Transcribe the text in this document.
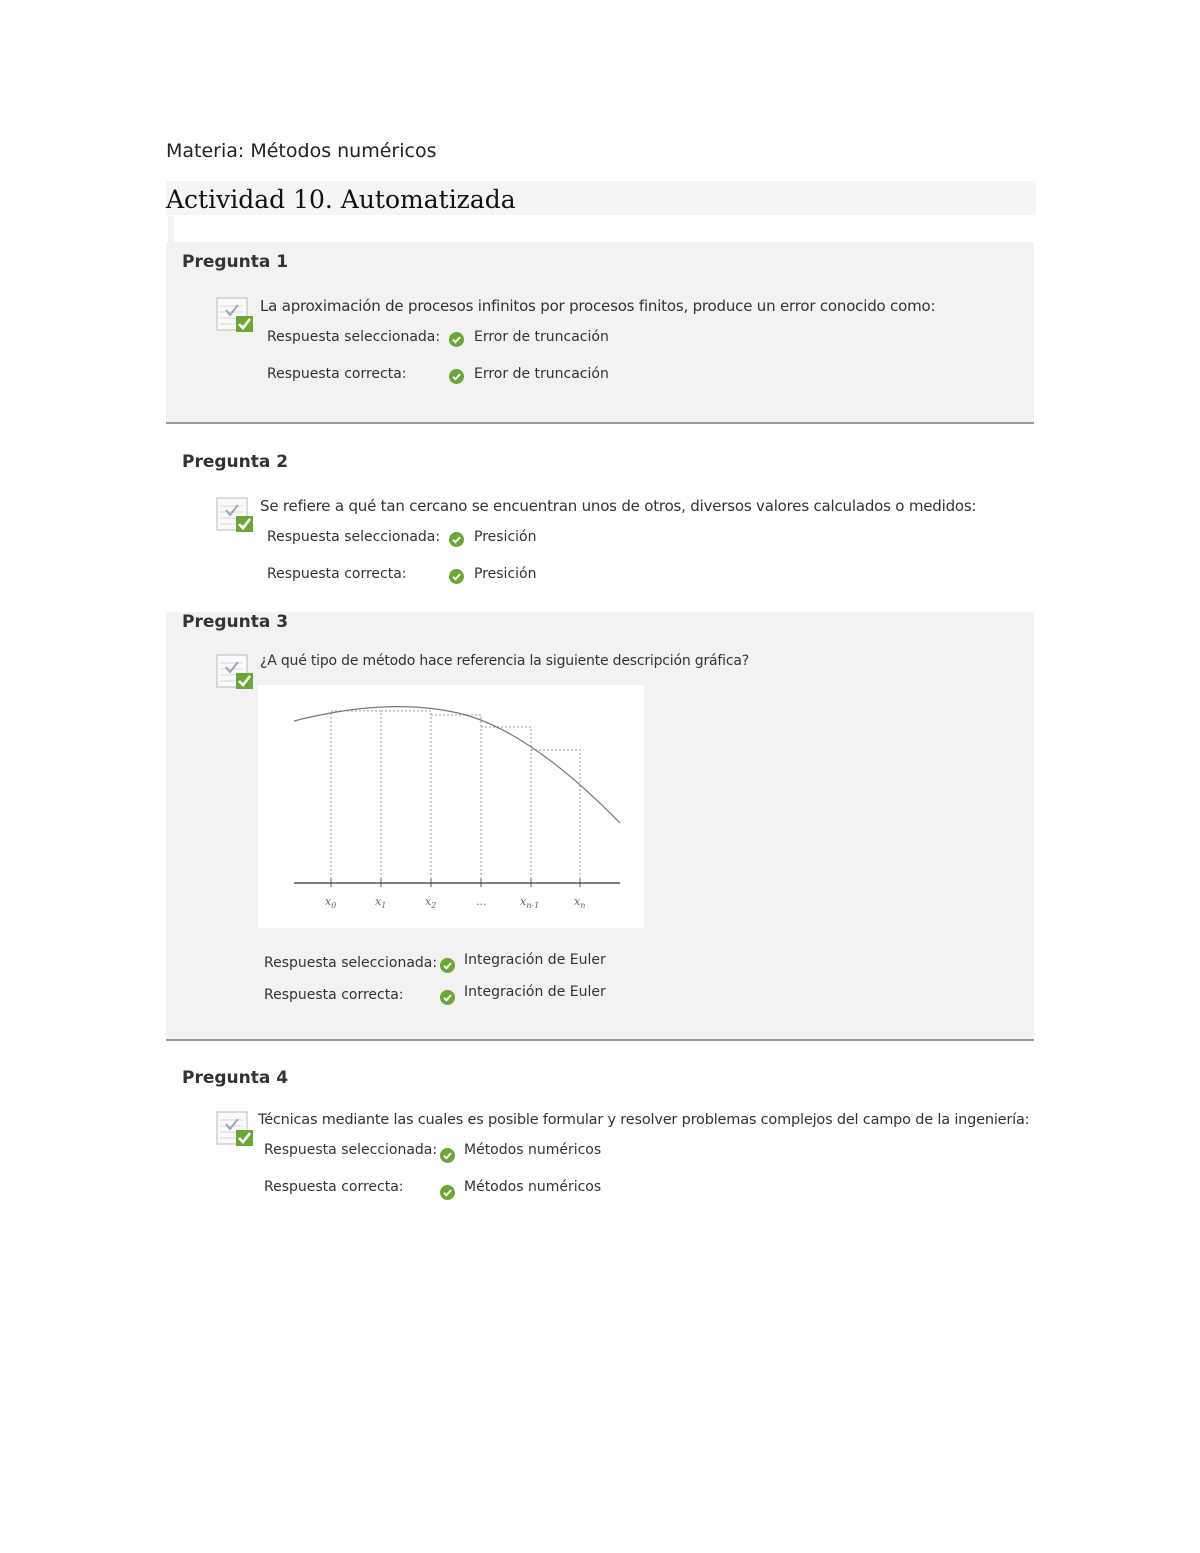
Materia: Métodos numéricos
Actividad 10. Automatizada
Pregunta 1
La aproximación de procesos infinitos por procesos finitos, produce un error conocido como:
Respuesta seleccionada: Error de truncación
Respuesta correcta:	Error de truncación
Pregunta 2
Se refiere a qué tan cercano se encuentran unos de otros, diversos valores calculados o medidos:
Respuesta seleccionada: Presición
Respuesta correcta:	Presición
Pregunta 3
¿A qué tipo de método hace referencia la siguiente descripción gráfica?
$x_0$	$x_1$	$x_2$	...	$x_{n-1}$	$x_n$
Respuesta seleccionada: Integración de Euler
Respuesta correcta:	Integración de Euler
Pregunta 4
Técnicas mediante las cuales es posible formular y resolver problemas complejos del campo de la ingeniería:
Respuesta seleccionada: Métodos numéricos
Respuesta correcta:	Métodos numéricos
